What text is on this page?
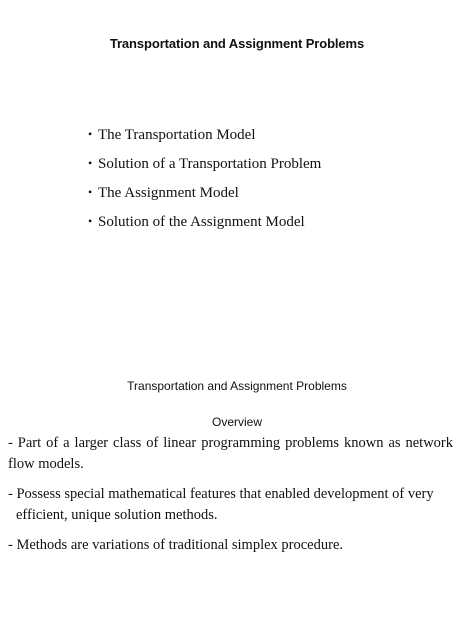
Transportation and Assignment Problems
• The Transportation Model
• Solution of a Transportation Problem
• The Assignment Model
• Solution of the Assignment Model
Transportation and Assignment Problems
Overview

- Part of a larger class of linear programming problems known as network flow models.

- Possess special mathematical features that enabled development of very efficient, unique solution methods.

- Methods are variations of traditional simplex procedure.
